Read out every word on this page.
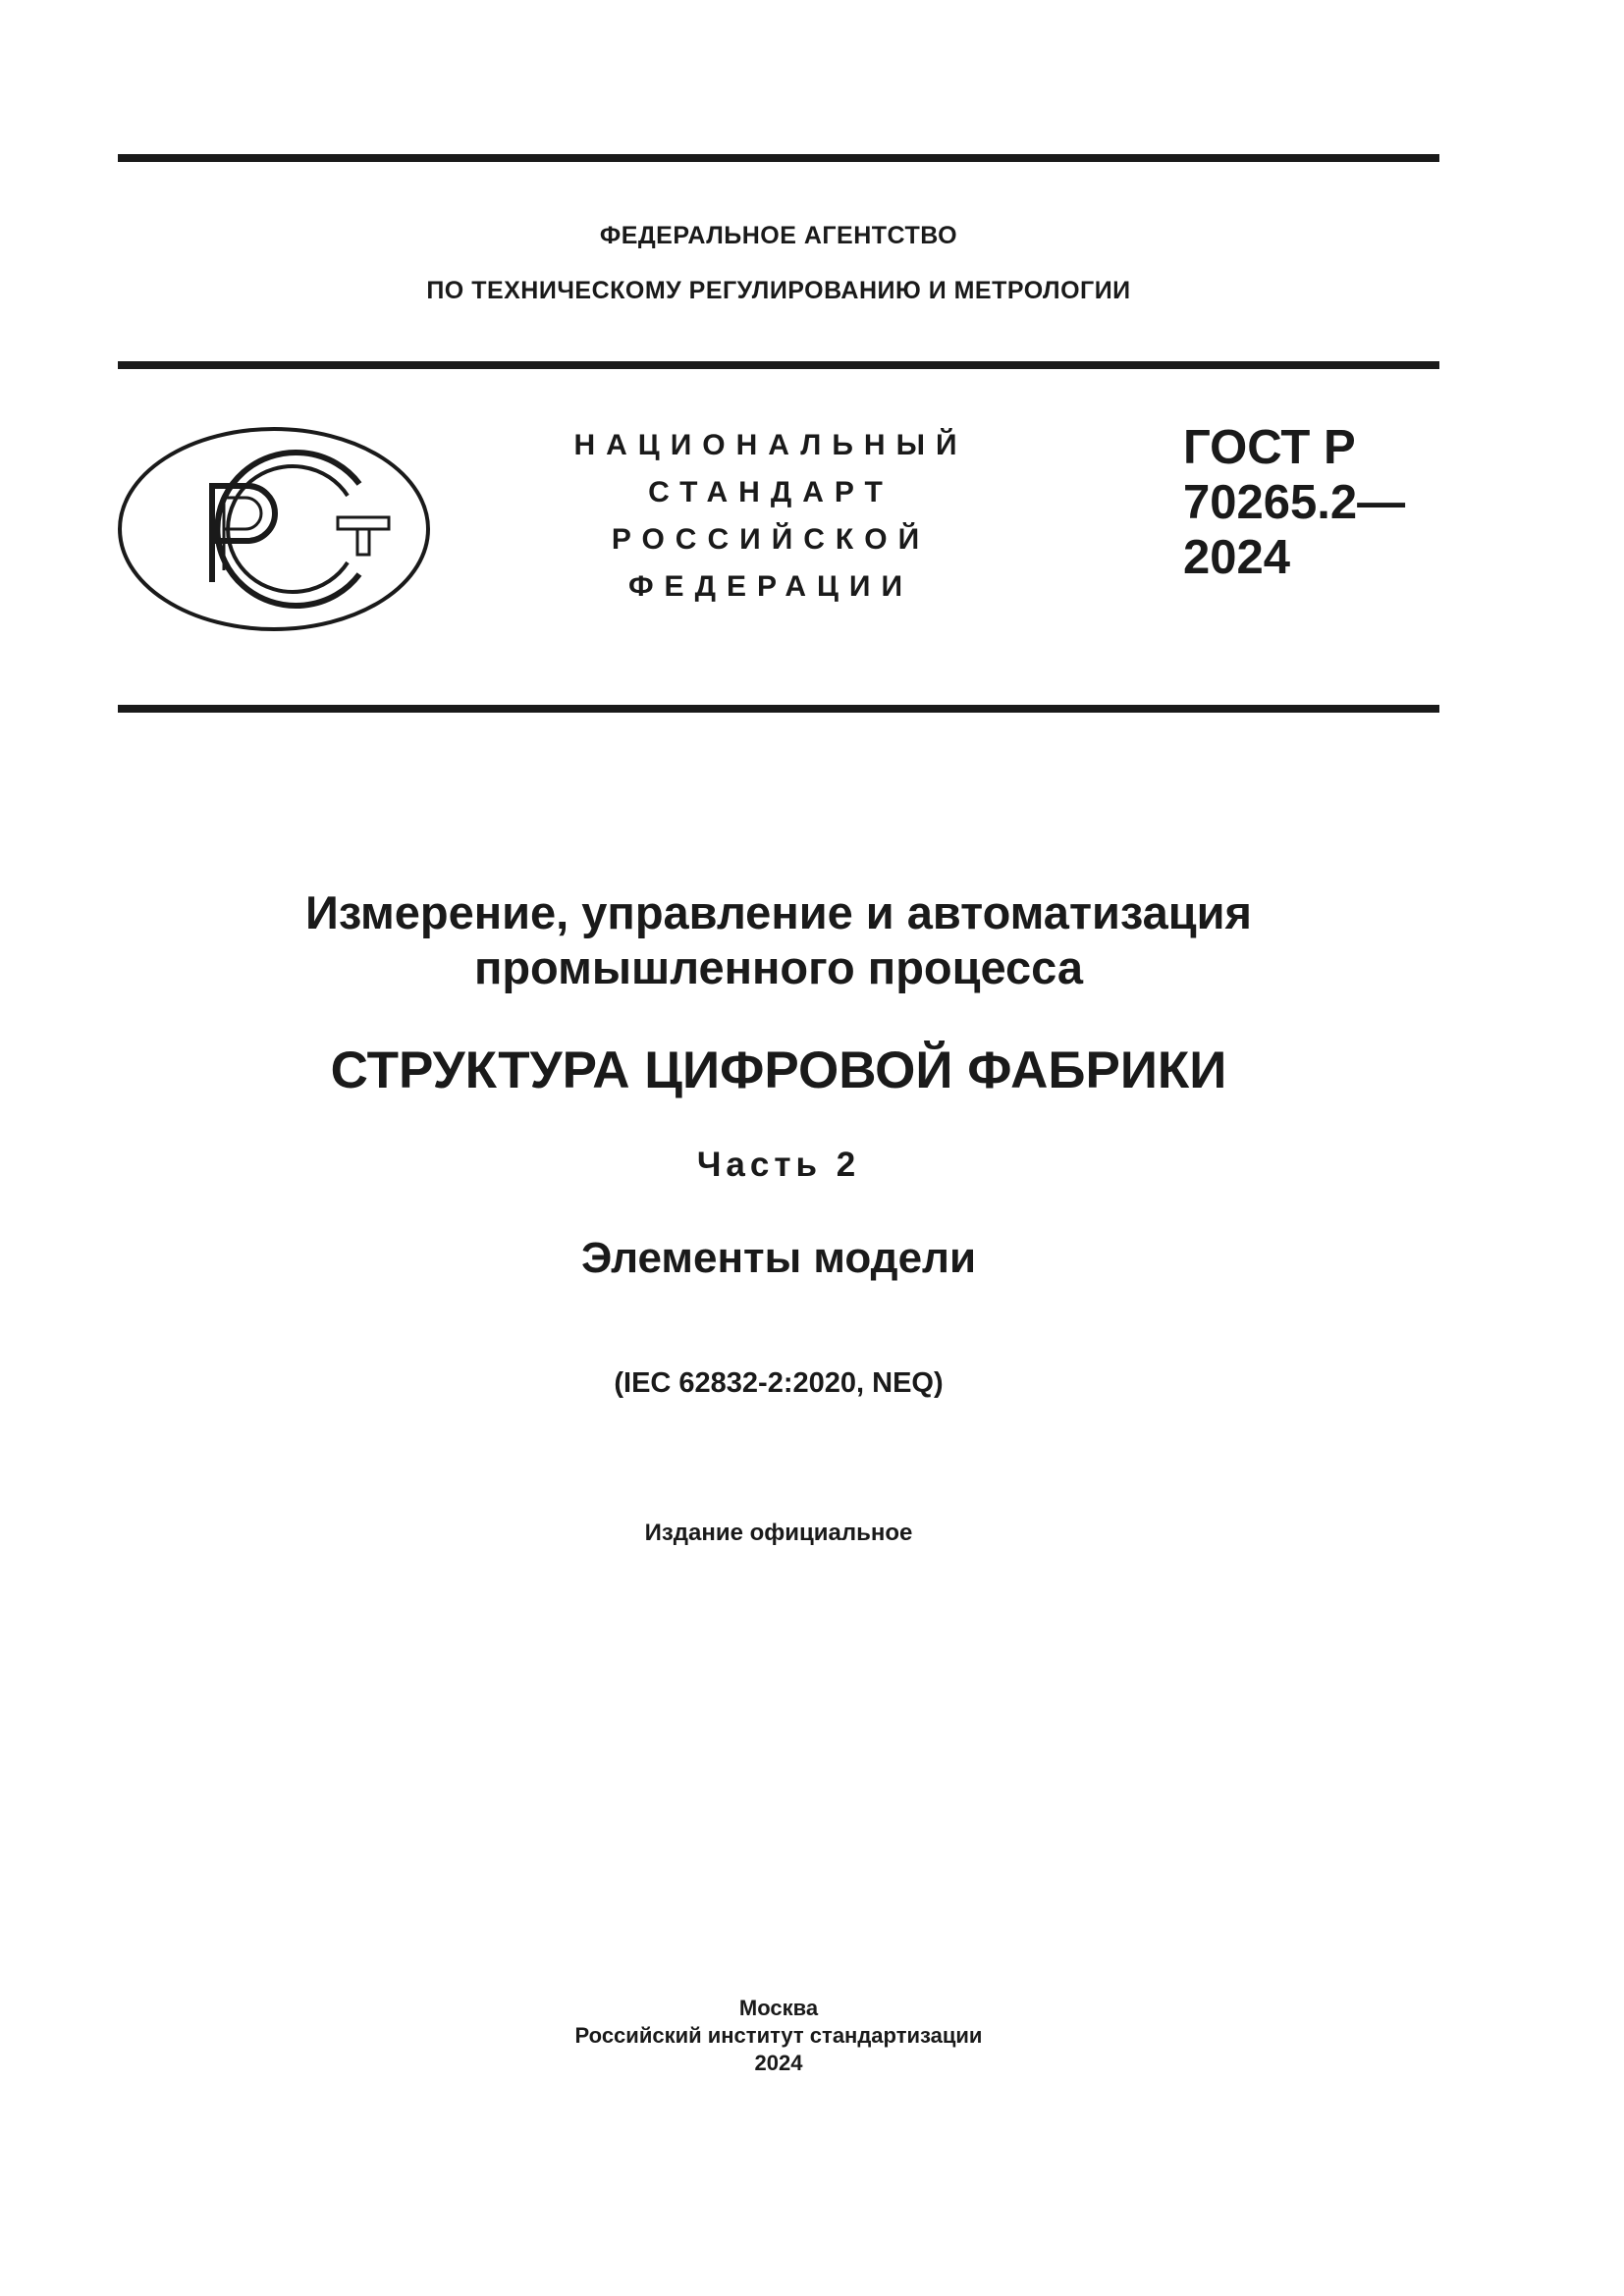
ФЕДЕРАЛЬНОЕ АГЕНТСТВО
ПО ТЕХНИЧЕСКОМУ РЕГУЛИРОВАНИЮ И МЕТРОЛОГИИ
НАЦИОНАЛЬНЫЙ
СТАНДАРТ
РОССИЙСКОЙ
ФЕДЕРАЦИИ
ГОСТ Р
70265.2—
2024
Измерение, управление и автоматизация
промышленного процесса
СТРУКТУРА ЦИФРОВОЙ ФАБРИКИ
Часть 2
Элементы модели
(IEC 62832-2:2020, NEQ)
Издание официальное
Москва
Российский институт стандартизации
2024
